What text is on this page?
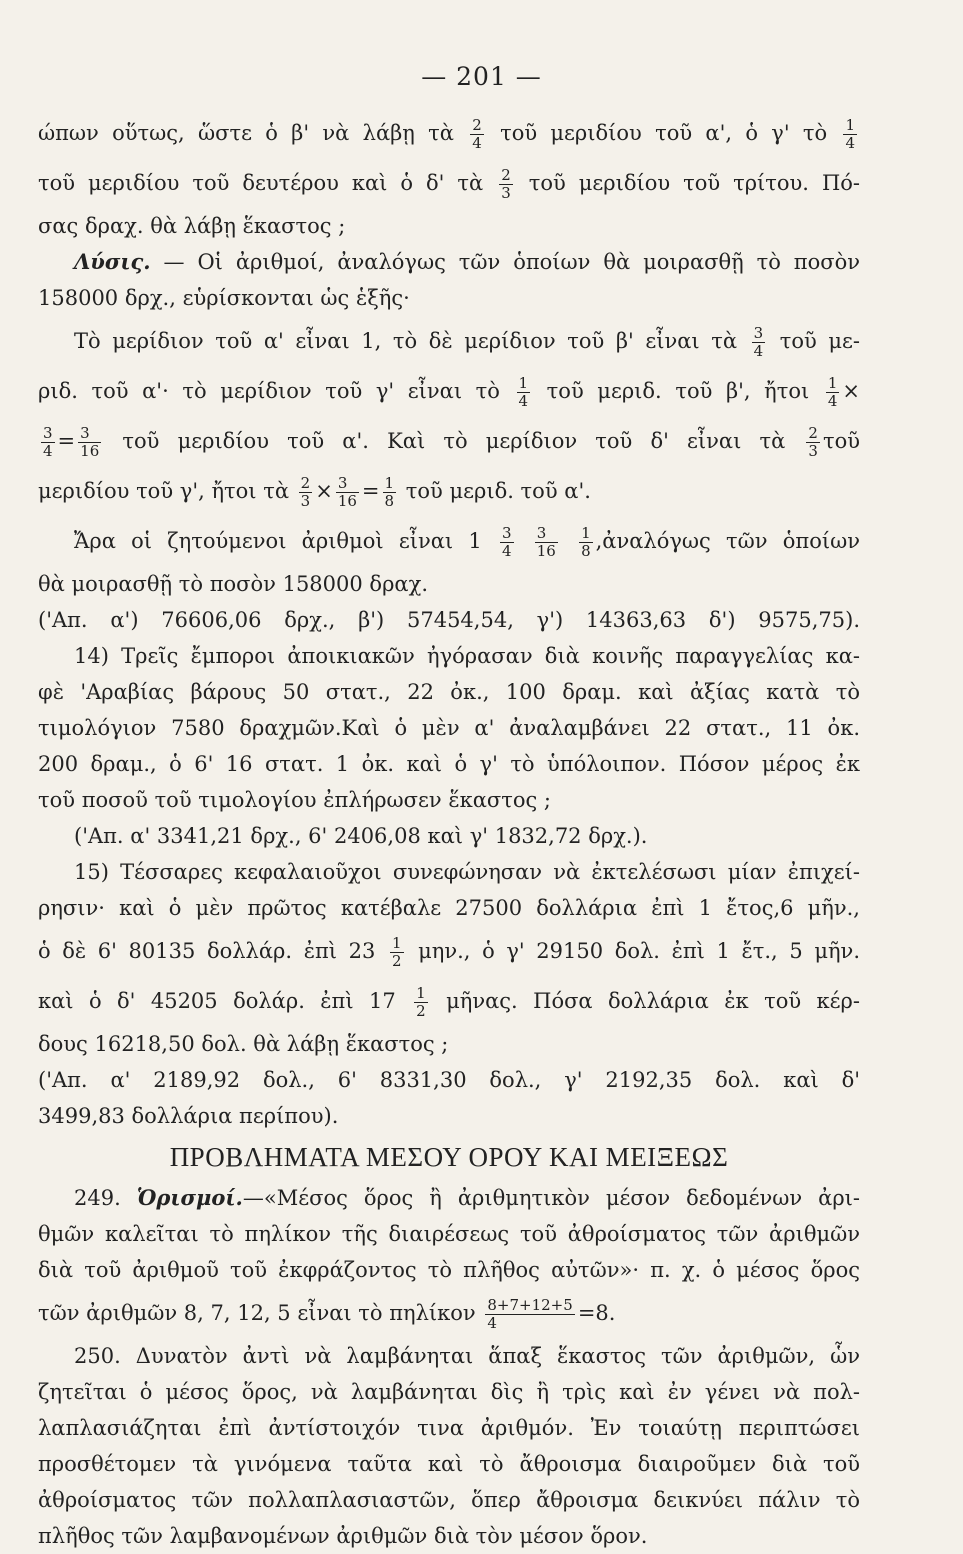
— 201 —
ώπων οὕτως, ὥστε ὁ β' νὰ λάβῃ τὰ $\frac{2}{4}$ τοῦ μεριδίου τοῦ α', ὁ γ' τὸ $\frac{1}{4}$
τοῦ μεριδίου τοῦ δευτέρου καὶ ὁ δ' τὰ $\frac{2}{3}$ τοῦ μεριδίου τοῦ τρίτου. Πό-
σας δραχ. θὰ λάβῃ ἕκαστος ;
Λύσις. — Οἱ ἀριθμοί, ἀναλόγως τῶν ὁποίων θὰ μοιρασθῇ τὸ ποσὸν
158000 δρχ., εὑρίσκονται ὡς ἑξῆς·
Τὸ μερίδιον τοῦ α' εἶναι 1, τὸ δὲ μερίδιον τοῦ β' εἶναι τὰ $\frac{3}{4}$ τοῦ με-
ριδ. τοῦ α'· τὸ μερίδιον τοῦ γ' εἶναι τὸ $\frac{1}{4}$ τοῦ μεριδ. τοῦ β', ἤτοι $\frac{1}{4}$ ×
$\frac{3}{4} = \frac{3}{16}$ τοῦ μεριδίου τοῦ α'. Καὶ τὸ μερίδιον τοῦ δ' εἶναι τὰ $\frac{2}{3}$ τοῦ
μεριδίου τοῦ γ', ἤτοι τὰ $\frac{2}{3} \times \frac{3}{16} = \frac{1}{8}$ τοῦ μεριδ. τοῦ α'.
Ἄρα οἱ ζητούμενοι ἀριθμοὶ εἶναι $1 \frac{3}{4}$
$\frac{3}{16}$
$\frac{1}{8}$ ,ἀναλόγως τῶν ὁποίων
θὰ μοιρασθῇ τὸ ποσὸν 158000 δραχ.
('Απ. α') 76606,06 δρχ., β') 57454,54, γ') 14363,63 δ') 9575,75).
14) Τρεῖς ἔμποροι ἀποικιακῶν ἠγόρασαν διὰ κοινῆς παραγγελίας κα-
φὲ 'Αραβίας βάρους 50 στατ., 22 ὀκ., 100 δραμ. καὶ ἀξίας κατὰ τὸ
τιμολόγιον 7580 δραχμῶν.Καὶ ὁ μὲν α' ἀναλαμβάνει 22 στατ., 11 ὀκ.
200 δραμ., ὁ 6' 16 στατ. 1 ὀκ. καὶ ὁ γ' τὸ ὑπόλοιπον. Πόσον μέρος ἐκ
τοῦ ποσοῦ τοῦ τιμολογίου ἐπλήρωσεν ἕκαστος ;
('Απ. α' 3341,21 δρχ., 6' 2406,08 καὶ γ' 1832,72 δρχ.).
15) Τέσσαρες κεφαλαιοῦχοι συνεφώνησαν νὰ ἐκτελέσωσι μίαν ἐπιχεί-
ρησιν· καὶ ὁ μὲν πρῶτος κατέβαλε 27500 δολλάρια ἐπὶ 1 ἔτος,6 μῆν.,
ὁ δὲ 6' 80135 δολλάρ. ἐπὶ $23 \frac{1}{2} \mu\eta\nu$., ὁ γ' 29150 δολ. ἐπὶ 1 ἔτ., 5 μῆν.
καὶ ὁ δ' 45205 δολάρ. ἐπὶ $17 \frac{1}{2}$ μῆνας. Πόσα δολλάρια ἐκ τοῦ κέρ-
δους 16218,50 δολ. θὰ λάβῃ ἕκαστος ;
('Απ. α' 2189,92 δολ., 6' 8331,30 δολ., γ' 2192,35 δολ. καὶ δ'
3499,83 δολλάρια περίπου).
ΠΡΟΒΛΗΜΑΤΑ ΜΕΣΟΥ ΟΡΟΥ ΚΑΙ ΜΕΙΞΕΩΣ
249. Ὁρισμοί.—«Μέσος ὅρος ἢ ἀριθμητικὸν μέσον δεδομένων ἀρι-
θμῶν καλεῖται τὸ πηλίκον τῆς διαιρέσεως τοῦ ἀθροίσματος τῶν ἀριθμῶν
διὰ τοῦ ἀριθμοῦ τοῦ ἐκφράζοντος τὸ πλῆθος αὐτῶν»· π. χ. ὁ μέσος ὅρος
τῶν ἀριθμῶν 8, 7, 12, 5 εἶναι τὸ πηλίκον $\frac{8+7+12+5}{4} =8$.
250. Δυνατὸν ἀντὶ νὰ λαμβάνηται ἅπαξ ἕκαστος τῶν ἀριθμῶν, ὧν
ζητεῖται ὁ μέσος ὅρος, νὰ λαμβάνηται δὶς ἢ τρὶς καὶ ἐν γένει νὰ πολ-
λαπλασιάζηται ἐπὶ ἀντίστοιχόν τινα ἀριθμόν. Ἐν τοιαύτῃ περιπτώσει
προσθέτομεν τὰ γινόμενα ταῦτα καὶ τὸ ἄθροισμα διαιροῦμεν διὰ τοῦ
ἀθροίσματος τῶν πολλαπλασιαστῶν, ὅπερ ἄθροισμα δεικνύει πάλιν τὸ
πλῆθος τῶν λαμβανομένων ἀριθμῶν διὰ τὸν μέσον ὅρον.
